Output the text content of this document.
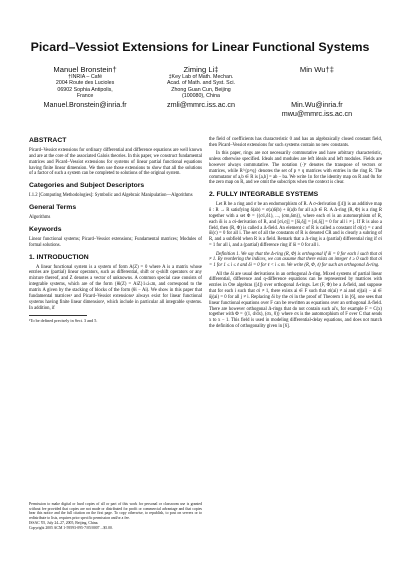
Picard–Vessiot Extensions for Linear Functional Systems
Manuel Bronstein†
†INRIA – Café
2004 Route des Lucioles
06902 Sophia Antipolis,
France
Manuel.Bronstein@inria.fr
Ziming Li‡
‡Key Lab of Math. Mechan.
Acad. of Math. and Syst. Sci.
Zhong Guan Cun, Beijing
(100080), China
zmli@mmrc.iss.ac.cn
Min Wu†‡
Min.Wu@inria.fr
mwu@mmrc.iss.ac.cn
ABSTRACT

Picard–Vessiot extensions for ordinary differential and difference equations are well known and are at the core of the associated Galois theories. In this paper, we construct fundamental matrices and Picard–Vessiot extensions for systems of linear partial functional equations having finite linear dimension. We then use those extensions to show that all the solutions of a factor of such a system can be completed to solutions of the original system.

Categories and Subject Descriptors

I.1.2 [Computing Methodologies]: Symbolic and Algebraic Manipulation—Algorithms

General Terms

Algorithms

Keywords

Linear functional systems; Picard–Vessiot extensions; Fundamental matrices; Modules of formal solutions.

1. INTRODUCTION

A linear functional system is a system of form A(Z) = 0 where A is a matrix whose entries are (partial) linear operators, such as differential, shift or q-shift operators or any mixture thereof, and Z denotes a vector of unknowns. A common special case consists of integrable systems, which are of the form {θi(Z) = AiZ}1≤i≤m, and correspond to the matrix A given by the stacking of blocks of the form (θi − Ai). We show in this paper that fundamental matrices¹ and Picard–Vessiot extensions¹ always exist for linear functional systems having finite linear dimension¹, which include in particular all integrable systems. In addition, if

¹To be defined precisely in Sect. 3 and 5.
Permission to make digital or hard copies of all or part of this work for personal or classroom use is granted without fee provided that copies are not made or distributed for profit or commercial advantage and that copies bear this notice and the full citation on the first page. To copy otherwise, to republish, to post on servers or to redistribute to lists, requires prior specific permission and/or a fee.
ISSAC '05, July 24–27, 2005, Beijing, China.
Copyright 2005 ACM 1-59593-095-7/05/0007 ...$5.00.

the field of coefficients has characteristic 0 and has an algebraically closed constant field, then Picard–Vessiot extensions for such systems contain no new constants.

In this paper, rings are not necessarily commutative and have arbitrary characteristic, unless otherwise specified. Ideals and modules are left ideals and left modules. Fields are however always commutative. The notation (·)ᵀ denotes the transpose of vectors or matrices, while R^{p×q} denotes the set of p × q matrices with entries in the ring R. The commutator of a,b ∈ R is [a,b] = ab − ba. We write 1n for the identity map on R and 0n for the zero map on R, and we omit the subscripts when the context is clear.

2. FULLY INTEGRABLE SYSTEMS

Let R be a ring and σ be an endomorphism of R. A σ-derivation ([4]) is an additive map δ : R → R satisfying δ(ab) = σ(a)δ(b) + δ(a)b for all a,b ∈ R. A Δ-ring (R, Φ) is a ring R together with a set Φ = {(σ1,δ1), ..., (σm,δm)}, where each σi is an automorphism of R, each δi is a σi-derivation of R, and [σi,σj] = [δi,δj] = [σi,δj] = 0 for all i ≠ j. If R is also a field, then (R, Φ) is called a Δ-field. An element c of R is called a constant if σi(c) = c and δi(c) = 0 for all i. The set of all the constants of R is denoted CR and is clearly a subring of R, and a subfield when R is a field. Remark that a Δ-ring is a (partial) differential ring if σi = 1 for all i, and a (partial) difference ring if δi = 0 for all i.

Definition 1. We say that the Δ-ring (R, Φ) is orthogonal if δi = 0 for each i such that σi ≠ 1. By reordering the indices, we can assume that there exists an integer ℓ ≥ 0 such that σi = 1 for 1 ≤ i ≤ ℓ and δi = 0 for ℓ < i ≤ m. We write (R, Φ, ℓ) for such an orthogonal Δ-ring.

All the δi are usual derivations in an orthogonal Δ-ring. Mixed systems of partial linear differential, difference and q-difference equations can be represented by matrices with entries in Ore algebras ([4]) over orthogonal Δ-rings. Let (F, Φ) be a Δ-field, and suppose that for each i such that σi ≠ 1, there exists ai ∈ F such that σi(ai) ≠ ai and σj(ai) − ai ∈ δj(ai) = 0 for all j ≠ i. Replacing δi by the σi in the proof of Theorem 1 in [6], one sees that linear functional equations over F can be rewritten as equations over an orthogonal Δ-field. There are however orthogonal Δ-rings that do not contain such ai's, for example F = C(x) together with Φ = {(1, d/dx), (σx, 0)} where σx is the automorphism of F over C that sends x to x − 1. This field is used in modeling differential-delay equations, and does not match the definition of orthogonality given in [6].
